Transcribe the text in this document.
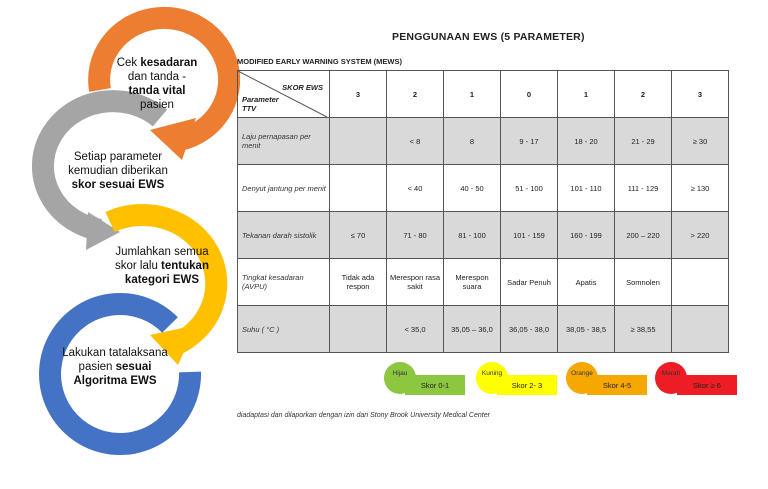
Cek kesadaran dan tanda - tanda vital pasien
Setiap parameter kemudian diberikan skor sesuai EWS
Jumlahkan semua skor lalu tentukan kategori EWS
Lakukan tatalaksana pasien sesuai Algoritma EWS
PENGGUNAAN EWS (5 PARAMETER)
MODIFIED EARLY WARNING SYSTEM (MEWS)
SKOR EWS
Parameter
TTV	3	2	1	0	1	2	3
Laju pernapasan per menit		< 8	8	9 - 17	18 - 20	21 - 29	≥ 30
Denyut jantung per menit		< 40	40 - 50	51 - 100	101 - 110	111 - 129	≥ 130
Tekanan darah sistolik	≤ 70	71 - 80	81 - 100	101 - 159	160 - 199	200 – 220	> 220
Tingkat kesadaran (AVPU)	Tidak ada respon	Merespon rasa sakit	Merespon suara	Sadar Penuh	Apatis	Somnolen	
Suhu ( °C )		< 35,0	35,05 – 36,0	36,05 - 38,0	38,05 - 38,5	≥ 38,55	
Skor 0-1
Hijau
Skor 2- 3
Kuning
Skor 4-5
Orange
Skor ≥ 6
Merah
diadaptasi dan dilaporkan dengan izin dari Stony Brook University Medical Center
